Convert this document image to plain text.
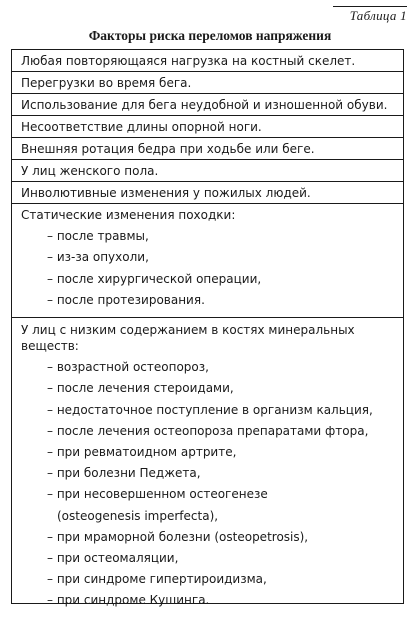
Таблица 1
Факторы риска переломов напряжения
Любая повторяющаяся нагрузка на костный скелет.
Перегрузки во время бега.
Использование для бега неудобной и изношенной обуви.
Несоответствие длины опорной ноги.
Внешняя ротация бедра при ходьбе или беге.
У лиц женского пола.
Инволютивные изменения у пожилых людей.
Статические изменения походки:
– после травмы,
– из-за опухоли,
– после хирургической операции,
– после протезирования.
У лиц с низким содержанием в костях минеральных веществ:
– возрастной остеопороз,
– после лечения стероидами,
– недостаточное поступление в организм кальция,
– после лечения остеопороза препаратами фтора,
– при ревматоидном артрите,
– при болезни Педжета,
– при несовершенном остеогенезе
(osteogenesis imperfecta),
– при мраморной болезни (osteopetrosis),
– при остеомаляции,
– при синдроме гипертироидизма,
– при синдроме Кушинга.
